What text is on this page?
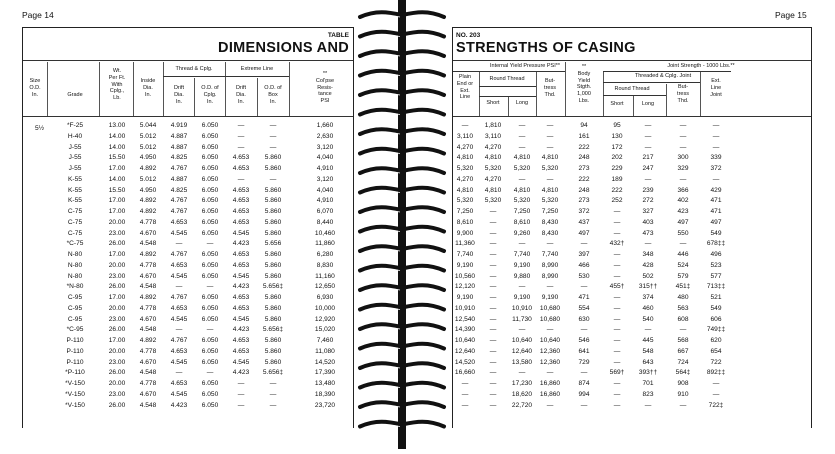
Page 14	Page 15
TABLE
DIMENSIONS AND
Size
O.D.
In.	Grade
Wt.
Per Ft.
With
Cplg.,
Lb.
Inside
Dia.
In.
Thread & Cplg.	Extreme Line
Drift
Dia.
In.
O.D. of
Cplg.
In.
Drift
Dia.
In.
O.D. of
Box
In.
**
Col'pse
Resis-
tance
PSI
5½	*F-25	13.00 5.044 4.919 6.050	—	—	1,660
H-40	14.00 5.012 4.887 6.050	—	—	2,630
J-55	14.00 5.012 4.887 6.050	—	—	3,120
J-55	15.50 4.950 4.825 6.050 4.653 5.860	4,040
J-55	17.00 4.892 4.767 6.050 4.653 5.860	4,910
K-55	14.00 5.012 4.887 6.050	—	—	3,120
K-55	15.50 4.950 4.825 6.050 4.653 5.860	4,040
K-55	17.00 4.892 4.767 6.050 4.653 5.860	4,910
C-75	17.00 4.892 4.767 6.050 4.653 5.860	6,070
C-75	20.00 4.778 4.653 6.050 4.653 5.860	8,440
C-75	23.00 4.670 4.545 6.050 4.545 5.860	10,460
*C-75	26.00 4.548	—	—	4.423 5.656	11,860
N-80	17.00 4.892 4.767 6.050 4.653 5.860	6,280
N-80	20.00 4.778 4.653 6.050 4.653 5.860	8,830
N-80	23.00 4.670 4.545 6.050 4.545 5.860	11,160
*N-80	26.00 4.548	—	—	4.423 5.656‡	12,650
C-95	17.00 4.892 4.767 6.050 4.653 5.860	6,930
C-95	20.00 4.778 4.653 6.050 4.653 5.860	10,000
C-95	23.00 4.670 4.545 6.050 4.545 5.860	12,920
*C-95	26.00 4.548	—	—	4.423 5.656‡	15,020
P-110	17.00 4.892 4.767 6.050 4.653 5.860	7,460
P-110	20.00 4.778 4.653 6.050 4.653 5.860	11,080
P-110	23.00 4.670 4.545 6.050 4.545 5.860	14,520
*P-110	26.00 4.548	—	—	4.423 5.656‡	17,390
*V-150	20.00 4.778 4.653 6.050	—	—	13,480
*V-150	23.00 4.670 4.545 6.050	—	—	18,390
*V-150	26.00 4.548 4.423 6.050	—	—	23,720
NO. 203
STRENGTHS OF CASING
Internal Yield Pressure PSI**
Plain
End or
Ext.
Line
Round Thread
Short	Long
But-
tress
Thd.
**
Body
Yield
Stgth.
1,000
Lbs.
Joint Strength - 1000 Lbs.**
Threaded & Cplg. Joint
Round Thread
Short	Long
But-
tress
Thd.
Ext.
Line
Joint
— 1,810	—	—	94	95	—	—	—
3,110 3,110	—	—	161	130	—	—	—
4,270 4,270	—	—	222	172	—	—	—
4,810 4,810 4,810 4,810	248	202	217	300	339
5,320 5,320 5,320 5,320	273	229	247	329	372
4,270 4,270	—	—	222	189	—	—	—
4,810 4,810 4,810 4,810	248	222	239	366	429
5,320 5,320 5,320 5,320	273	252	272	402	471
7,250 —	7,250 7,250	372	—	327	423	471
8,610 —	8,610 8,430	437	—	403	497	497
9,900 —	9,260 8,430	497	—	473	550	549
11,360 —	—	—	—	432†	—	—	678‡‡
7,740 —	7,740 7,740	397	—	348	446	496
9,190 —	9,190 8,990	466	—	428	524	523
10,560 —	9,880 8,990	530	—	502	579	577
12,120 —	—	—	—	455† 315††	451‡ 713‡‡
9,190 —	9,190 9,190	471	—	374	480	521
10,910 — 10,910 10,680	554	—	460	563	549
12,540 — 11,730 10,680	630	—	540	608	606
14,390 —	—	—	—	—	—	—	749‡‡
10,640 — 10,640 10,640	546	—	445	568	620
12,640 — 12,640 12,360	641	—	548	667	654
14,520 — 13,580 12,360	729	—	643	724	722
16,660 —	—	—	—	569† 393††	564‡ 892‡‡
—	— 17,230 16,860	874	—	701	908	—
—	— 18,620 16,860	994	—	823	910	—
—	— 22,720 —	—	—	—	—	722‡
